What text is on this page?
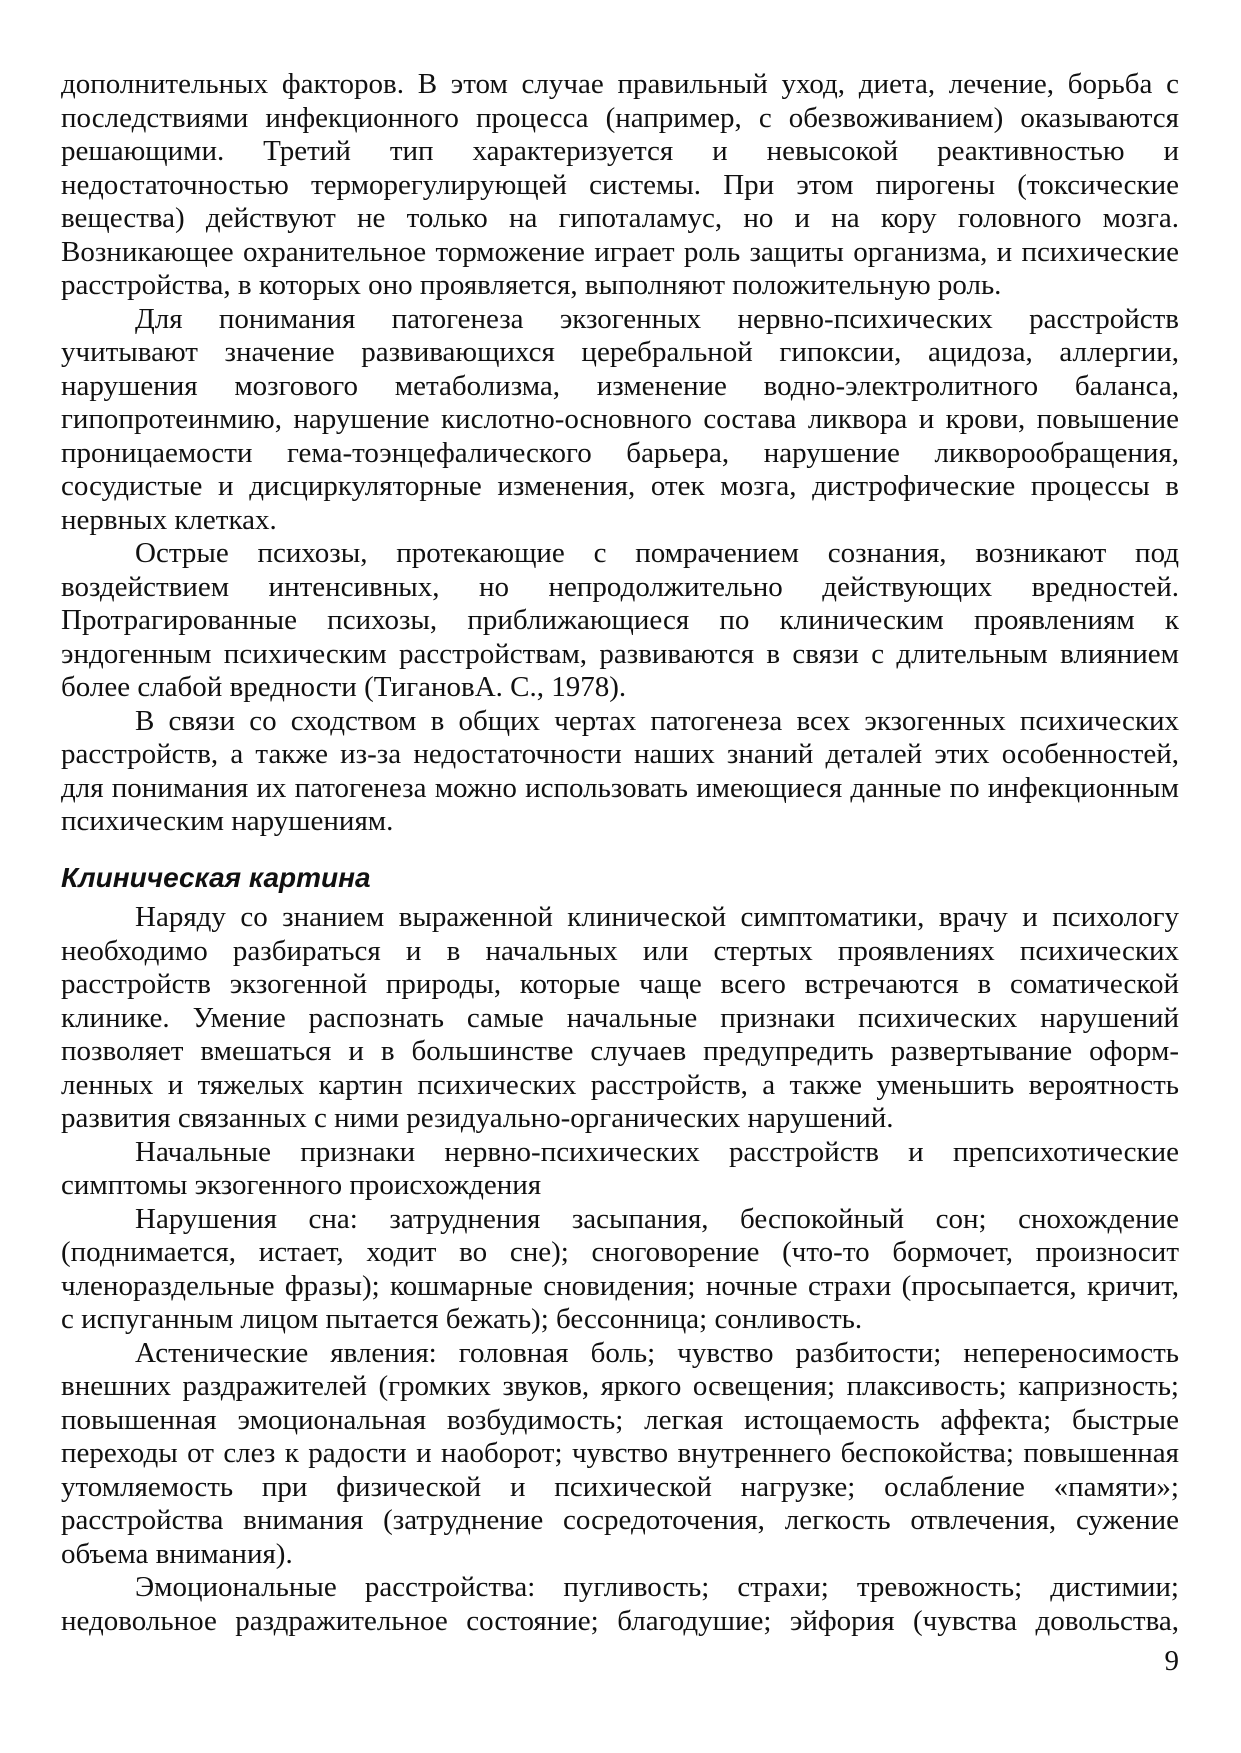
дополнительных факторов. В этом случае правильный уход, диета, лечение, борьба с
последствиями инфекционного процесса (например, с обезвоживанием) оказываются
решающими. Третий тип характеризуется и невысокой реактивностью и
недостаточностью терморегулирующей системы. При этом пирогены (токсические
вещества) действуют не только на гипоталамус, но и на кору головного мозга.
Возникающее охранительное торможение играет роль защиты организма, и психические
расстройства, в которых оно проявляется, выполняют положительную роль.
Для понимания патогенеза экзогенных нервно-психических расстройств
учитывают значение развивающихся церебральной гипоксии, ацидоза, аллергии,
нарушения мозгового метаболизма, изменение водно-электролитного баланса,
гипопротеинмию, нарушение кислотно-основного состава ликвора и крови, повышение
проницаемости гема-тоэнцефалического барьера, нарушение ликворообращения,
сосудистые и дисциркуляторные изменения, отек мозга, дистрофические процессы в
нервных клетках.
Острые психозы, протекающие с помрачением сознания, возникают под
воздействием интенсивных, но непродолжительно действующих вредностей.
Протрагированные психозы, приближающиеся по клиническим проявлениям к
эндогенным психическим расстройствам, развиваются в связи с длительным влиянием
более слабой вредности (ТигановА. С., 1978).
В связи со сходством в общих чертах патогенеза всех экзогенных психических
расстройств, а также из-за недостаточности наших знаний деталей этих особенностей,
для понимания их патогенеза можно использовать имеющиеся данные по инфекционным
психическим нарушениям.
Клиническая картина
Наряду со знанием выраженной клинической симптоматики, врачу и психологу
необходимо разбираться и в начальных или стертых проявлениях психических
расстройств экзогенной природы, которые чаще всего встречаются в соматической
клинике. Умение распознать самые начальные признаки психических нарушений
позволяет вмешаться и в большинстве случаев предупредить развертывание оформ-
ленных и тяжелых картин психических расстройств, а также уменьшить вероятность
развития связанных с ними резидуально-органических нарушений.
Начальные признаки нервно-психических расстройств и препсихотические
симптомы экзогенного происхождения
Нарушения сна: затруднения засыпания, беспокойный сон; снохождение
(поднимается, истает, ходит во сне); сноговорение (что-то бормочет, произносит
членораздельные фразы); кошмарные сновидения; ночные страхи (просыпается, кричит,
с испуганным лицом пытается бежать); бессонница; сонливость.
Астенические явления: головная боль; чувство разбитости; непереносимость
внешних раздражителей (громких звуков, яркого освещения; плаксивость; капризность;
повышенная эмоциональная возбудимость; легкая истощаемость аффекта; быстрые
переходы от слез к радости и наоборот; чувство внутреннего беспокойства; повышенная
утомляемость при физической и психической нагрузке; ослабление «памяти»;
расстройства внимания (затруднение сосредоточения, легкость отвлечения, сужение
объема внимания).
Эмоциональные расстройства: пугливость; страхи; тревожность; дистимии;
недовольное раздражительное состояние; благодушие; эйфория (чувства довольства,
9
